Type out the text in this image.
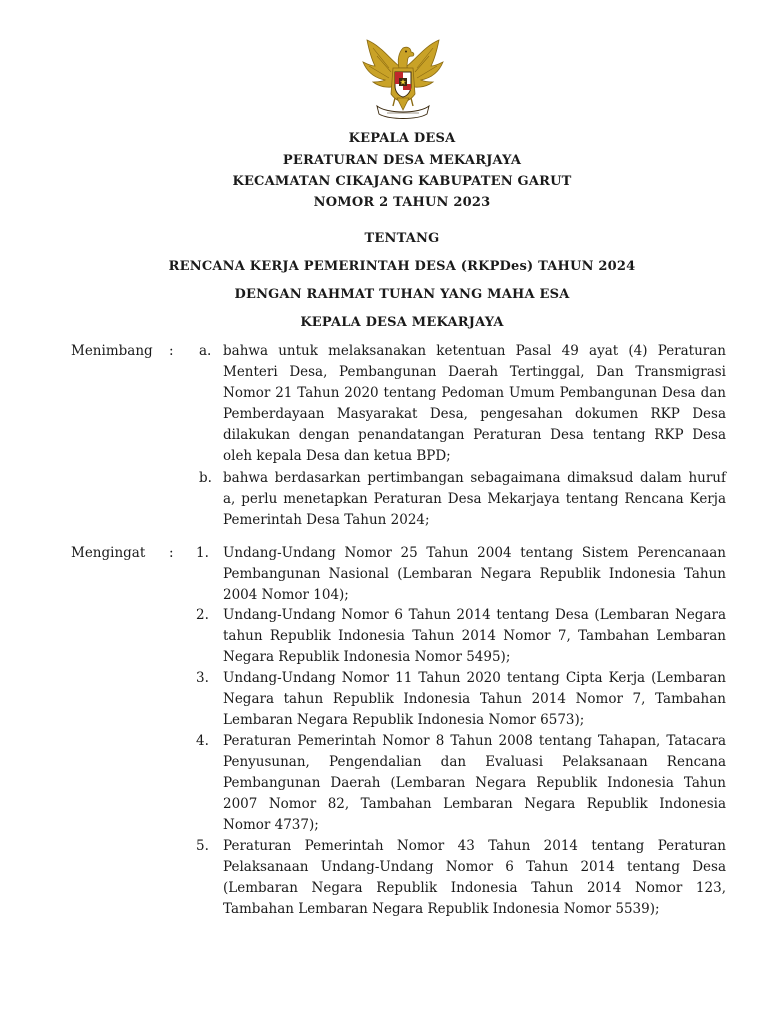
KEPALA DESA
PERATURAN DESA MEKARJAYA
KECAMATAN CIKAJANG KABUPATEN GARUT
NOMOR 2 TAHUN 2023
TENTANG
RENCANA KERJA PEMERINTAH DESA (RKPDes) TAHUN 2024
DENGAN RAHMAT TUHAN YANG MAHA ESA
KEPALA DESA MEKARJAYA
Menimbang : a. bahwa untuk melaksanakan ketentuan Pasal 49 ayat (4) Peraturan Menteri Desa, Pembangunan Daerah Tertinggal, Dan Transmigrasi Nomor 21 Tahun 2020 tentang Pedoman Umum Pembangunan Desa dan Pemberdayaan Masyarakat Desa, pengesahan dokumen RKP Desa dilakukan dengan penandatangan Peraturan Desa tentang RKP Desa oleh kepala Desa dan ketua BPD;
b. bahwa berdasarkan pertimbangan sebagaimana dimaksud dalam huruf a, perlu menetapkan Peraturan Desa Mekarjaya tentang Rencana Kerja Pemerintah Desa Tahun 2024;
Mengingat : 1. Undang-Undang Nomor 25 Tahun 2004 tentang Sistem Perencanaan Pembangunan Nasional (Lembaran Negara Republik Indonesia Tahun 2004 Nomor 104);
2. Undang-Undang Nomor 6 Tahun 2014 tentang Desa (Lembaran Negara tahun Republik Indonesia Tahun 2014 Nomor 7, Tambahan Lembaran Negara Republik Indonesia Nomor 5495);
3. Undang-Undang Nomor 11 Tahun 2020 tentang Cipta Kerja (Lembaran Negara tahun Republik Indonesia Tahun 2014 Nomor 7, Tambahan Lembaran Negara Republik Indonesia Nomor 6573);
4. Peraturan Pemerintah Nomor 8 Tahun 2008 tentang Tahapan, Tatacara Penyusunan, Pengendalian dan Evaluasi Pelaksanaan Rencana Pembangunan Daerah (Lembaran Negara Republik Indonesia Tahun 2007 Nomor 82, Tambahan Lembaran Negara Republik Indonesia Nomor 4737);
5. Peraturan Pemerintah Nomor 43 Tahun 2014 tentang Peraturan Pelaksanaan Undang-Undang Nomor 6 Tahun 2014 tentang Desa (Lembaran Negara Republik Indonesia Tahun 2014 Nomor 123, Tambahan Lembaran Negara Republik Indonesia Nomor 5539);
